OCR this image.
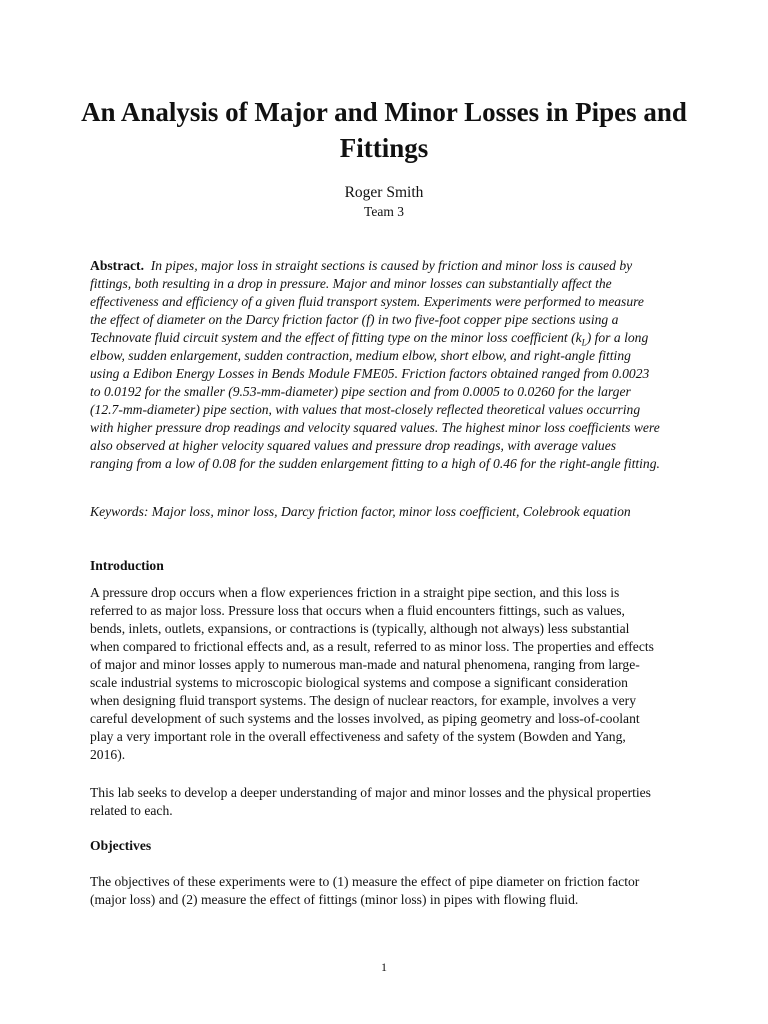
An Analysis of Major and Minor Losses in Pipes and Fittings
Roger Smith
Team 3

Abstract. In pipes, major loss in straight sections is caused by friction and minor loss is caused by fittings, both resulting in a drop in pressure. Major and minor losses can substantially affect the effectiveness and efficiency of a given fluid transport system. Experiments were performed to measure the effect of diameter on the Darcy friction factor (f) in two five-foot copper pipe sections using a Technovate fluid circuit system and the effect of fitting type on the minor loss coefficient $(k_L)$ for a long elbow, sudden enlargement, sudden contraction, medium elbow, short elbow, and right-angle fitting using a Edibon Energy Losses in Bends Module FME05. Friction factors obtained ranged from 0.0023 to 0.0192 for the smaller (9.53-mm-diameter) pipe section and from 0.0005 to 0.0260 for the larger (12.7-mm-diameter) pipe section, with values that most-closely reflected theoretical values occurring with higher pressure drop readings and velocity squared values. The highest minor loss coefficients were also observed at higher velocity squared values and pressure drop readings, with average values ranging from a low of 0.08 for the sudden enlargement fitting to a high of 0.46 for the right-angle fitting.

Keywords: Major loss, minor loss, Darcy friction factor, minor loss coefficient, Colebrook equation

Introduction

A pressure drop occurs when a flow experiences friction in a straight pipe section, and this loss is referred to as major loss. Pressure loss that occurs when a fluid encounters fittings, such as values, bends, inlets, outlets, expansions, or contractions is (typically, although not always) less substantial when compared to frictional effects and, as a result, referred to as minor loss. The properties and effects of major and minor losses apply to numerous man-made and natural phenomena, ranging from large-scale industrial systems to microscopic biological systems and compose a significant consideration when designing fluid transport systems. The design of nuclear reactors, for example, involves a very careful development of such systems and the losses involved, as piping geometry and loss-of-coolant play a very important role in the overall effectiveness and safety of the system (Bowden and Yang, 2016).

This lab seeks to develop a deeper understanding of major and minor losses and the physical properties related to each.

Objectives

The objectives of these experiments were to (1) measure the effect of pipe diameter on friction factor (major loss) and (2) measure the effect of fittings (minor loss) in pipes with flowing fluid.

1
